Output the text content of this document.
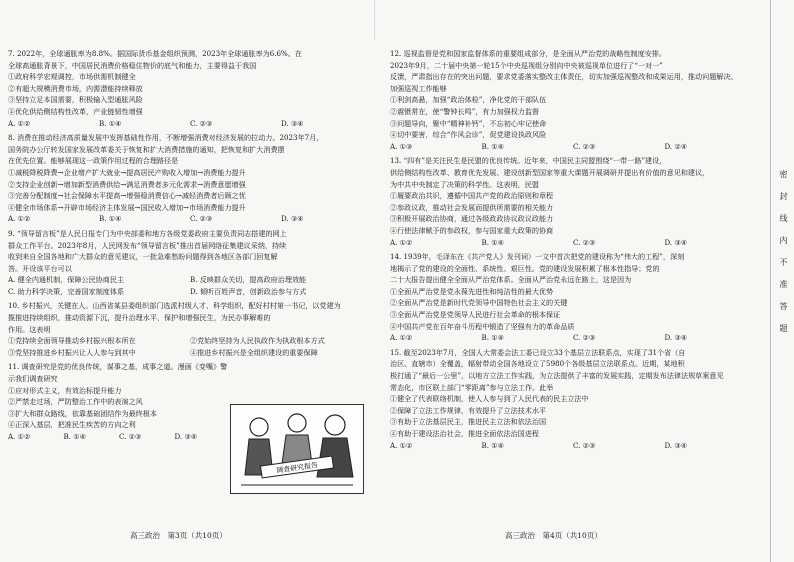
7. 2022年，全球通胀率为8.8%。据国际货币基金组织预测，2023年全球通胀率为6.6%。在

全球高通胀背景下，中国居民消费价格稳住物价的底气和能力，主要得益于我国

①政府科学宏观调控，市场供需机制健全

②有超大规模消费市场，内需潜能持续释放

③坚持立足本国需要，积极输入型通胀风险

④优化供给侧结构性改革，产业链韧性增强

A. ①②	B. ①④	C. ②③	D. ③④

8. 消费在推动经济高质量发展中发挥基础性作用，不断增强消费对经济发展的拉动力。2023年7月，

国务院办公厅转发国家发展改革委关于恢复和扩大消费措施的通知，把恢复和扩大消费摆

在优先位置。能够展现这一政策作用过程的合理路径是

①减税降税降费→企业增产扩大就业→提高居民产购收入增加→消费能力提升

②支持企业创新→增加新型消费供给→满足消费者多元化需求→消费意愿增强

③完善分配制度→社会保障水平提高→增强稳消费信心→减轻消费者后顾之忧

④健全市场体系→开辟市场经济主体发展→国民收入增加→市场消费能力提升

A. ①②	B. ①④	C. ②③	D. ③④

9. “领导留言板”是人民日报专门为中央部委和地方各级党委政府主要负责同志搭建的网上

群众工作平台。2023年8月，人民网发布“领导留言板”推出首届网络征集建议采纳，持续

收到来自全国各地和广大群众的意见建议，一批急难愁盼问题得到各地区各部门回复解

答。开设该平台可以

A. 健全内通机制，保障公民协商民主	B. 反映群众关切，提高政府治理效能
C. 助力科学决策，完善国家制度体系	D. 倾听百姓声音，创新政治参与方式

10. 乡村振兴，关键在人。山西省某县委组织部门选派村级人才、科学组织，配好村村第一书记，以党建为

揽推进持续组织，推动资源下沉，提升治理水平，保护和增强民生，为民办事解难的

作用。这表明

①党持续全面领导推动乡村振兴根本所在	②党始终坚持为人民执政作为执政根本方式
③党坚持推进乡村振兴让人人参与到其中	④推进乡村振兴是全组织建设的重要保障

11. 调查研究是党的优良传统，谋事之基，成事之道。漫画《变嘴》警示我们调查研究

①应对形式主义，有效治标提升能力

②严禁走过场，严防整治工作中的表演之风

③扩大和群众路线，依靠基础团结作为最终根本

④正深入基层，把准民生疾苦的方向之利

A. ①②	B. ①④	C. ②③	D. ③④
调查研究报告
高三政治　第3页（共10页）

12. 巡视监督是党和国家监督体系的重要组成部分，是全面从严治党的战略性制度安排。

2023年9月，二十届中央第一轮15个中央巡视组分别向中央被巡视单位进行了“一对一”

反馈，严肃指出存在的突出问题，要求党委落实整改主体责任，切实加强巡视整改和成果运用，推动问题解决。

加强巡视工作能够

①利剑高悬，加强“政治体检”，净化党的干部队伍

②震慑常在，使“警钟长鸣”，有力加强权力监督

③问题导向，聚中“精神补钙”，不忘初心牢记使命

④切中要害，综合“作风会诊”，促党建设执政风险

A. ①③	B. ①④	C. ②③	D. ②④

13. “四有”是关注民生是民盟的优良传统。近年来，中国民主同盟围绕“一带一路”建设，

供给侧结构性改革、教育优先发展、建设创新型国家等重大课题开展调研并提出有价值的意见和建议，

为中共中央制定了决策的科学性。这表明，民盟

①履要政治共识，遵循中国共产党的政治原则和章程

②参政议政，推动社会发展而提供所需要的相关能力

③积极开展政治协商，通过各级政政协议政议政能力

④行使法律赋予的参政权，参与国家重大政策的协商

A. ①②	B. ①④	C. ②③	D. ③④

14. 1939年，毛泽东在《共产党人》发刊词）一文中首次把党的建设称为“伟大的工程”，深刻

地揭示了党的建设的全面性、系统性、艰巨性。党的建设发展积累了根本性指导；党的

二十大报告提出健全全面从严治党体系。全面从严治党永远在路上，这是因为

①全面从严治党是党永葆先进性和纯洁性的最大优势

②全面从严治党是新时代党领导中国特色社会主义的关键

③全面从严治党是党领导人民进行社会革命的根本保证

④中国共产党在百年奋斗历程中锻造了坚强有力的革命品质

A. ①②	B. ①④	C. ②③	D. ③④

15. 截至2023年7月，全国人大常委会法工委已设立33个基层立法联系点，实现了31个省（自

治区、直辖市）全覆盖，辐射带动全国各地设立了5980个各级基层立法联系点。近期，某地积

极打通了“最后一公里”，以地方立法工作实践，为立法提供了丰富的发展实践，定期发布法律法规草案意见

常态化，市区联上部门“零距离”参与立法工作。此举

①健全了代表联络机制，使人人参与到了人民代表的民主立法中

②保障了立法工作规律，有效提升了立法技术水平

③有助于立法基层民主，推进民主立法和依法治国

④有助于建设法治社会，推进全面依法治国进程

A. ①②	B. ①④	C. ②③	D. ③④
高三政治　第4页（共10页）
密
封
线
内
不
准
答
题
